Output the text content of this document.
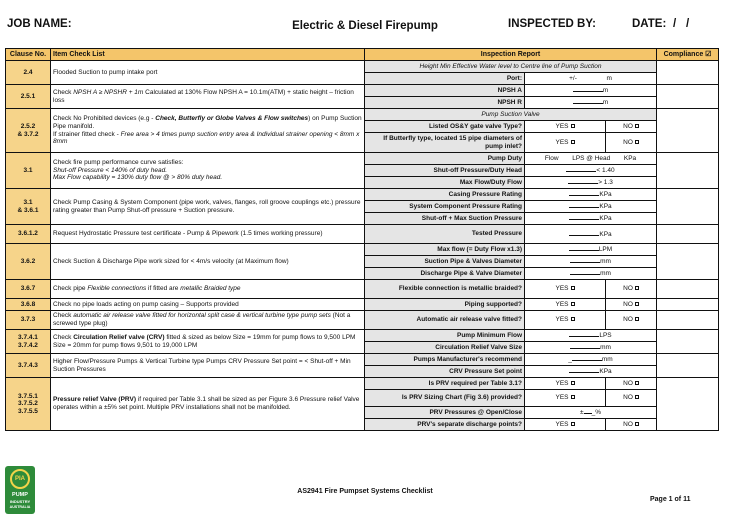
JOB NAME:	Electric & Diesel Firepump	INSPECTED BY:	DATE: / /
Clause No.	Item Check List	Inspection Report			Compliance ☑
2.4	Flooded Suction to pump intake port	Height Min Effective Water level to Centre line of Pump Suction			
		Port:	+/- m		
2.5.1	Check NPSH A ≥ NPSHR + 1m Calculated at 130% Flow NPSH A = 10.1m(ATM) + static height – friction loss	NPSH A	m		
		NPSH R	m		
2.5.2
& 3.7.2	Check No Prohibited devices (e.g - Check, Butterfly or Globe Valves & Flow switches) on Pump Suction Pipe manifold.
If strainer fitted check - Free area > 4 times pump suction entry area & Individual strainer opening < 8mm x 8mm	Pump Suction Valve			
		Listed OS&Y gate valve Type?	YES	NO	
		If Butterfly type, located 15 pipe diameters of pump inlet?	YES	NO	
3.1	Check fire pump performance curve satisfies:
Shut-off Pressure < 140% of duty head.
Max Flow capability = 130% duty flow @ > 80% duty head.	Pump Duty	Flow LPS @ Head KPa		
		Shut-off Pressure/Duty Head	< 1.40		
		Max Flow/Duty Flow	> 1.3		
3.1
& 3.6.1	Check Pump Casing & System Component (pipe work, valves, flanges, roll groove couplings etc.) pressure rating greater than Pump Shut-off pressure + Suction pressure.	Casing Pressure Rating	KPa		
		System Component Pressure Rating	KPa		
		Shut-off + Max Suction Pressure	KPa		
3.6.1.2	Request Hydrostatic Pressure test certificate - Pump & Pipework (1.5 times working pressure)	Tested Pressure	KPa		
3.6.2	Check Suction & Discharge Pipe work sized for < 4m/s velocity (at Maximum flow)	Max flow (= Duty Flow x1.3)	LPM		
		Suction Pipe & Valves Diameter	mm		
		Discharge Pipe & Valve Diameter	mm		
3.6.7	Check pipe Flexible connections if fitted are metallic Braided type	Flexible connection is metallic braided?	YES	NO	
3.6.8	Check no pipe loads acting on pump casing – Supports provided	Piping supported?	YES	NO	
3.7.3	Check automatic air release valve fitted for horizontal split case & vertical turbine type pump sets (Not a screwed type plug)	Automatic air release valve fitted?	YES	NO	
3.7.4.1
3.7.4.2	Check Circulation Relief valve (CRV) fitted & sized as below Size = 19mm for pump flows to 9,500 LPM
Size = 20mm for pump flows 9,501 to 19,000 LPM	Pump Minimum Flow	LPS		
		Circulation Relief Valve Size	mm		
3.7.4.3	Higher Flow/Pressure Pumps & Vertical Turbine type Pumps CRV Pressure Set point = < Shut-off + Min Suction Pressures	Pumps Manufacturer's recommend	_ mm		
		CRV Pressure Set point	KPa		
3.7.5.1
3.7.5.2
3.7.5.5	Pressure relief Valve (PRV) if required per Table 3.1 shall be sized as per Figure 3.6 Pressure relief Valve operates within a ±5% set point. Multiple PRV installations shall not be manifolded.	Is PRV required per Table 3.1?	YES	NO	
		Is PRV Sizing Chart (Fig 3.6) provided?	YES	NO	
		PRV Pressures @ Open/Close	± _%		
		PRV's separate discharge points?	YES	NO	
PIA
PUMP
INDUSTRY
AUSTRALIA
AS2941 Fire Pumpset Systems Checklist
Page 1 of 11
